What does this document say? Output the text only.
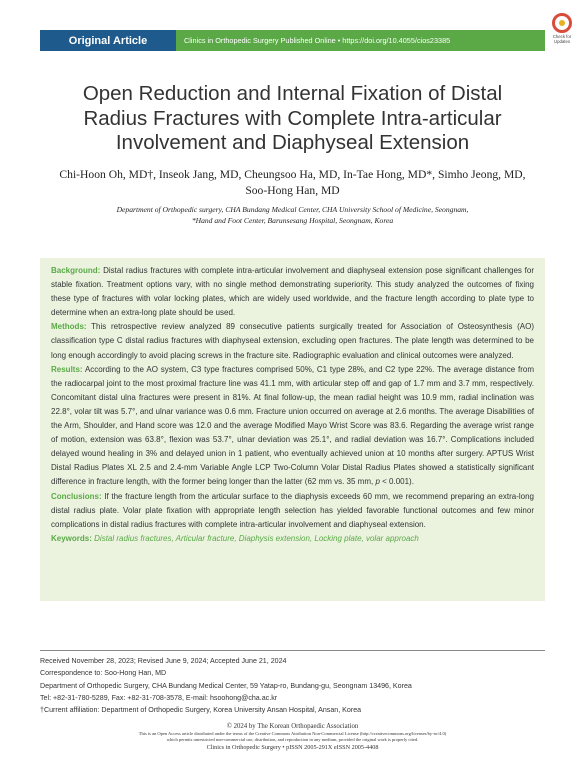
Original Article	Clinics in Orthopedic Surgery Published Online • https://doi.org/10.4055/cios23385	Check for
Updates
Open Reduction and Internal Fixation of Distal
Radius Fractures with Complete Intra-articular
Involvement and Diaphyseal Extension
Chi-Hoon Oh, MD†, Inseok Jang, MD, Cheungsoo Ha, MD, In-Tae Hong, MD*, Simho Jeong, MD,
Soo-Hong Han, MD
Department of Orthopedic surgery, CHA Bundang Medical Center, CHA University School of Medicine, Seongnam,
*Hand and Foot Center, Barunsesang Hospital, Seongnam, Korea

Background: Distal radius fractures with complete intra-articular involvement and diaphyseal extension pose significant challenges for stable fixation. Treatment options vary, with no single method demonstrating superiority. This study analyzed the outcomes of fixing these type of fractures with volar locking plates, which are widely used worldwide, and the fracture length according to plate type to determine when an extra-long plate should be used.

Methods: This retrospective review analyzed 89 consecutive patients surgically treated for Association of Osteosynthesis (AO) classification type C distal radius fractures with diaphyseal extension, excluding open fractures. The plate length was determined to be long enough accordingly to avoid placing screws in the fracture site. Radiographic evaluation and clinical outcomes were analyzed.

Results: According to the AO system, C3 type fractures comprised 50%, C1 type 28%, and C2 type 22%. The average distance from the radiocarpal joint to the most proximal fracture line was 41.1 mm, with articular step off and gap of 1.7 mm and 3.7 mm, respectively. Concomitant distal ulna fractures were present in 81%. At final follow-up, the mean radial height was 10.9 mm, radial inclination was 22.8°, volar tilt was 5.7°, and ulnar variance was 0.6 mm. Fracture union occurred on average at 2.6 months. The average Disabilities of the Arm, Shoulder, and Hand score was 12.0 and the average Modified Mayo Wrist Score was 83.6. Regarding the average wrist range of motion, extension was 63.8°, flexion was 53.7°, ulnar deviation was 25.1°, and radial deviation was 16.7°. Complications included delayed wound healing in 3% and delayed union in 1 patient, who eventually achieved union at 10 months after surgery. APTUS Wrist Distal Radius Plates XL 2.5 and 2.4-mm Variable Angle LCP Two-Column Volar Distal Radius Plates showed a statistically significant difference in fracture length, with the former being longer than the latter (62 mm vs. 35 mm, p < 0.001).

Conclusions: If the fracture length from the articular surface to the diaphysis exceeds 60 mm, we recommend preparing an extra-long distal radius plate. Volar plate fixation with appropriate length selection has yielded favorable functional outcomes and few minor complications in distal radius fractures with complete intra-articular involvement and diaphyseal extension.

Keywords: Distal radius fractures, Articular fracture, Diaphysis extension, Locking plate, volar approach

Received November 28, 2023; Revised June 9, 2024; Accepted June 21, 2024
Correspondence to: Soo-Hong Han, MD
Department of Orthopedic Surgery, CHA Bundang Medical Center, 59 Yatap-ro, Bundang-gu, Seongnam 13496, Korea
Tel: +82-31-780-5289, Fax: +82-31-708-3578, E-mail: hsoohong@cha.ac.kr
†Current affiliation: Department of Orthopedic Surgery, Korea University Ansan Hospital, Ansan, Korea
© 2024 by The Korean Orthopaedic Association
This is an Open Access article distributed under the terms of the Creative Commons Attribution Non-Commercial License (http://creativecommons.org/licenses/by-nc/4.0)
which permits unrestricted non-commercial use, distribution, and reproduction in any medium, provided the original work is properly cited.
Clinics in Orthopedic Surgery • pISSN 2005-291X eISSN 2005-4408
